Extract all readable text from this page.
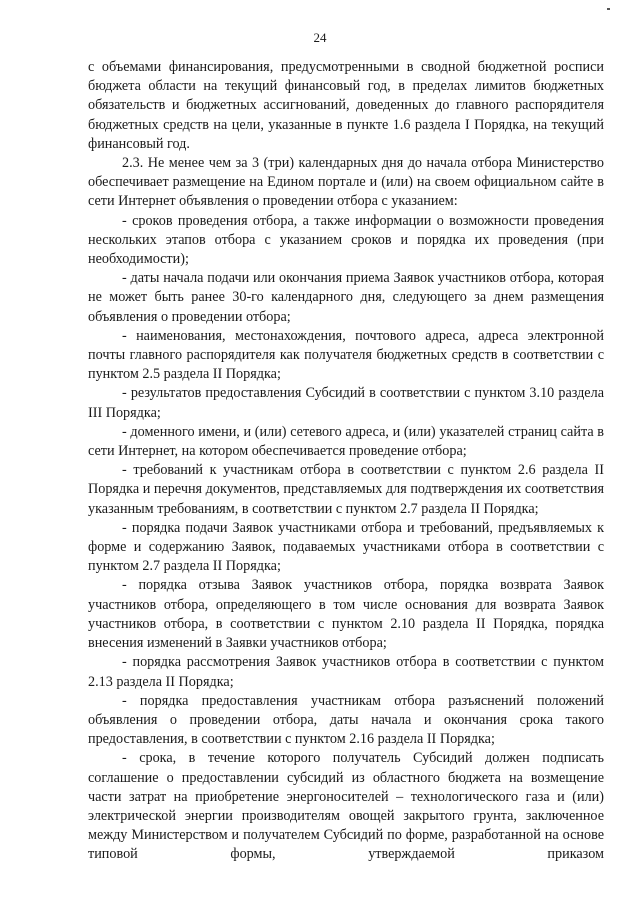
24

с объемами финансирования, предусмотренными в сводной бюджетной росписи бюджета области на текущий финансовый год, в пределах лимитов бюджетных обязательств и бюджетных ассигнований, доведенных до главного распорядителя бюджетных средств на цели, указанные в пункте 1.6 раздела I Порядка, на текущий финансовый год.

2.3. Не менее чем за 3 (три) календарных дня до начала отбора Министерство обеспечивает размещение на Едином портале и (или) на своем официальном сайте в сети Интернет объявления о проведении отбора с указанием:

- сроков проведения отбора, а также информации о возможности проведения нескольких этапов отбора с указанием сроков и порядка их проведения (при необходимости);

- даты начала подачи или окончания приема Заявок участников отбора, которая не может быть ранее 30-го календарного дня, следующего за днем размещения объявления о проведении отбора;

- наименования, местонахождения, почтового адреса, адреса электронной почты главного распорядителя как получателя бюджетных средств в соответствии с пунктом 2.5 раздела II Порядка;

- результатов предоставления Субсидий в соответствии с пунктом 3.10 раздела III Порядка;

- доменного имени, и (или) сетевого адреса, и (или) указателей страниц сайта в сети Интернет, на котором обеспечивается проведение отбора;

- требований к участникам отбора в соответствии с пунктом 2.6 раздела II Порядка и перечня документов, представляемых для подтверждения их соответствия указанным требованиям, в соответствии с пунктом 2.7 раздела II Порядка;

- порядка подачи Заявок участниками отбора и требований, предъявляемых к форме и содержанию Заявок, подаваемых участниками отбора в соответствии с пунктом 2.7 раздела II Порядка;

- порядка отзыва Заявок участников отбора, порядка возврата Заявок участников отбора, определяющего в том числе основания для возврата Заявок участников отбора, в соответствии с пунктом 2.10 раздела II Порядка, порядка внесения изменений в Заявки участников отбора;

- порядка рассмотрения Заявок участников отбора в соответствии с пунктом 2.13 раздела II Порядка;

- порядка предоставления участникам отбора разъяснений положений объявления о проведении отбора, даты начала и окончания срока такого предоставления, в соответствии с пунктом 2.16 раздела II Порядка;

- срока, в течение которого получатель Субсидий должен подписать соглашение о предоставлении субсидий из областного бюджета на возмещение части затрат на приобретение энергоносителей – технологического газа и (или) электрической энергии производителям овощей закрытого грунта, заключенное между Министерством и получателем Субсидий по форме, разработанной на основе типовой формы, утверждаемой приказом
